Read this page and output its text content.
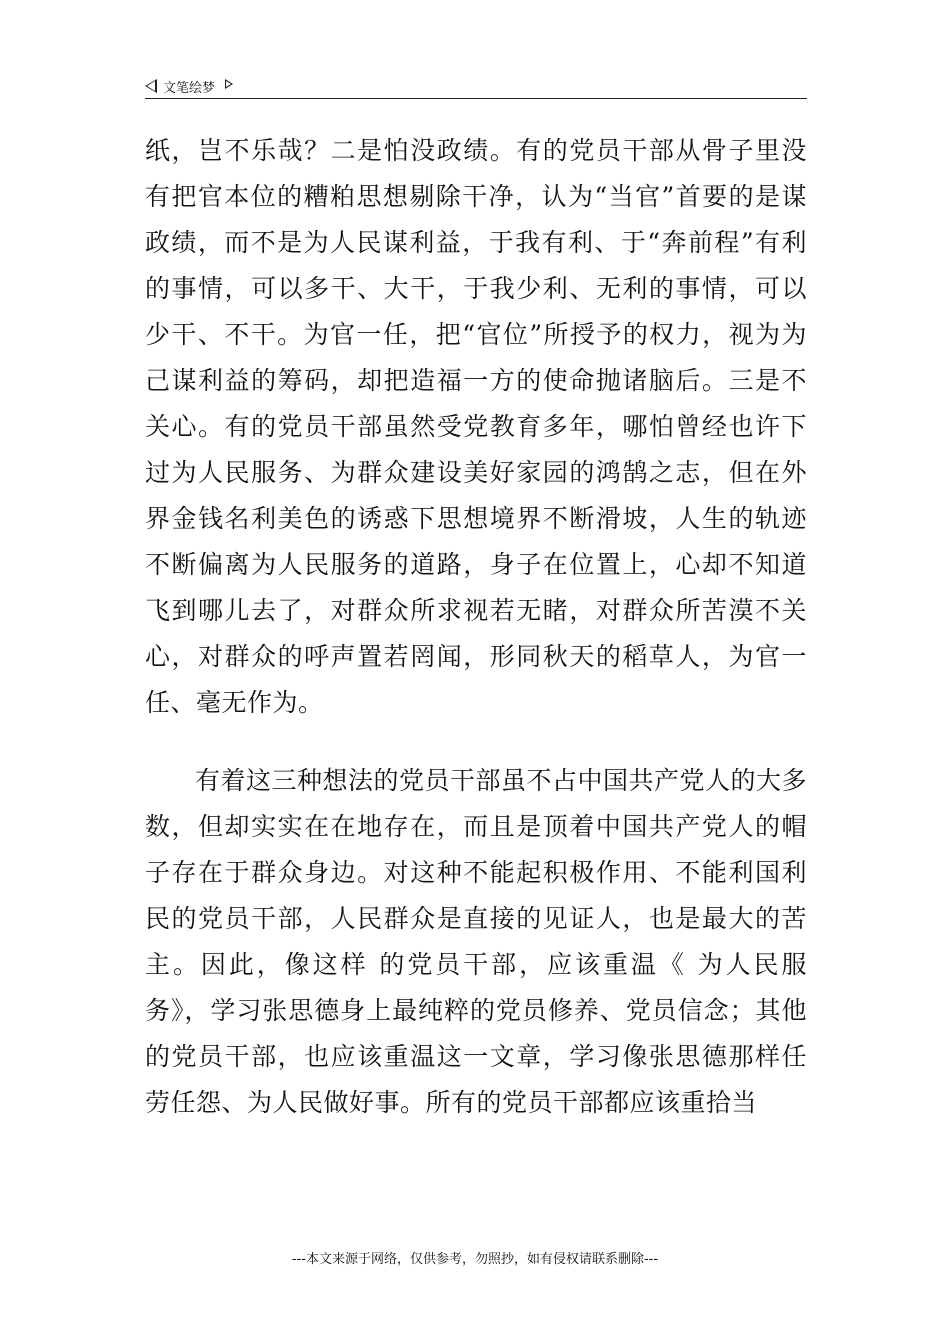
文笔绘梦

纸，岂不乐哉？二是怕没政绩。有的党员干部从骨子里没有把官本位的糟粕思想剔除干净，认为“当官”首要的是谋政绩，而不是为人民谋利益，于我有利、于“奔前程”有利的事情，可以多干、大干，于我少利、无利的事情，可以少干、不干。为官一任，把“官位”所授予的权力，视为为己谋利益的筹码，却把造福一方的使命抛诸脑后。三是不关心。有的党员干部虽然受党教育多年，哪怕曾经也许下过为人民服务、为群众建设美好家园的鸿鹄之志，但在外界金钱名利美色的诱惑下思想境界不断滑坡，人生的轨迹不断偏离为人民服务的道路，身子在位置上，心却不知道飞到哪儿去了，对群众所求视若无睹，对群众所苦漠不关心，对群众的呼声置若罔闻，形同秋天的稻草人，为官一任、毫无作为。

有着这三种想法的党员干部虽不占中国共产党人的大多数，但却实实在在地存在，而且是顶着中国共产党人的帽子存在于群众身边。对这种不能起积极作用、不能利国利民的党员干部，人民群众是直接的见证人，也是最大的苦主。因此，像这样 的党员干部，应该重温《 为人民服务》，学习张思德身上最纯粹的党员修养、党员信念；其他的党员干部，也应该重温这一文章，学习像张思德那样任劳任怨、为人民做好事。所有的党员干部都应该重拾当

---本文来源于网络，仅供参考，勿照抄，如有侵权请联系删除---
